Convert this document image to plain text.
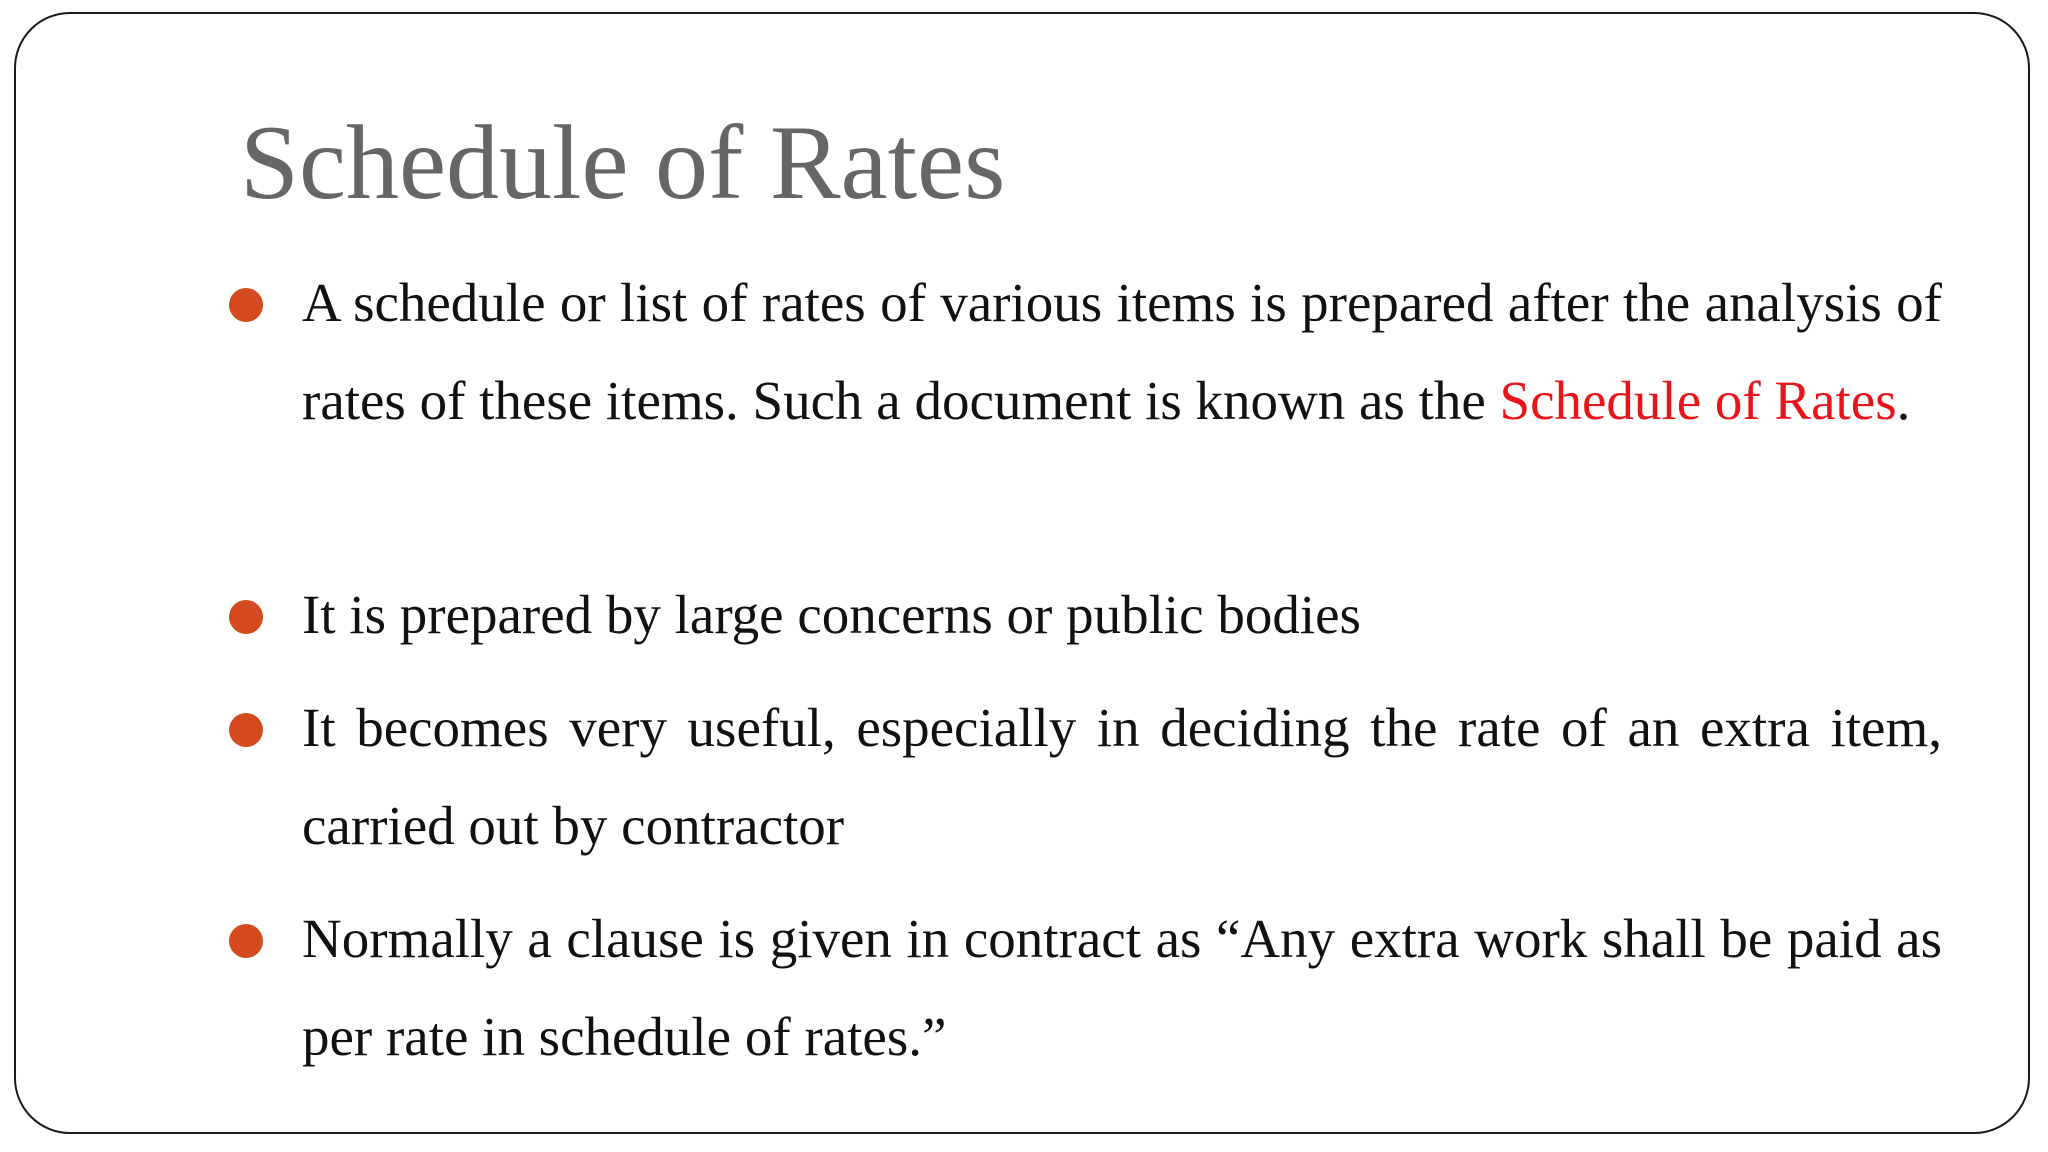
Schedule of Rates
A schedule or list of rates of various items is prepared after the analysis of rates of these items. Such a document is known as the Schedule of Rates.
It is prepared by large concerns or public bodies
It becomes very useful, especially in deciding the rate of an extra item, carried out by contractor
Normally a clause is given in contract as “Any extra work shall be paid as per rate in schedule of rates.”
